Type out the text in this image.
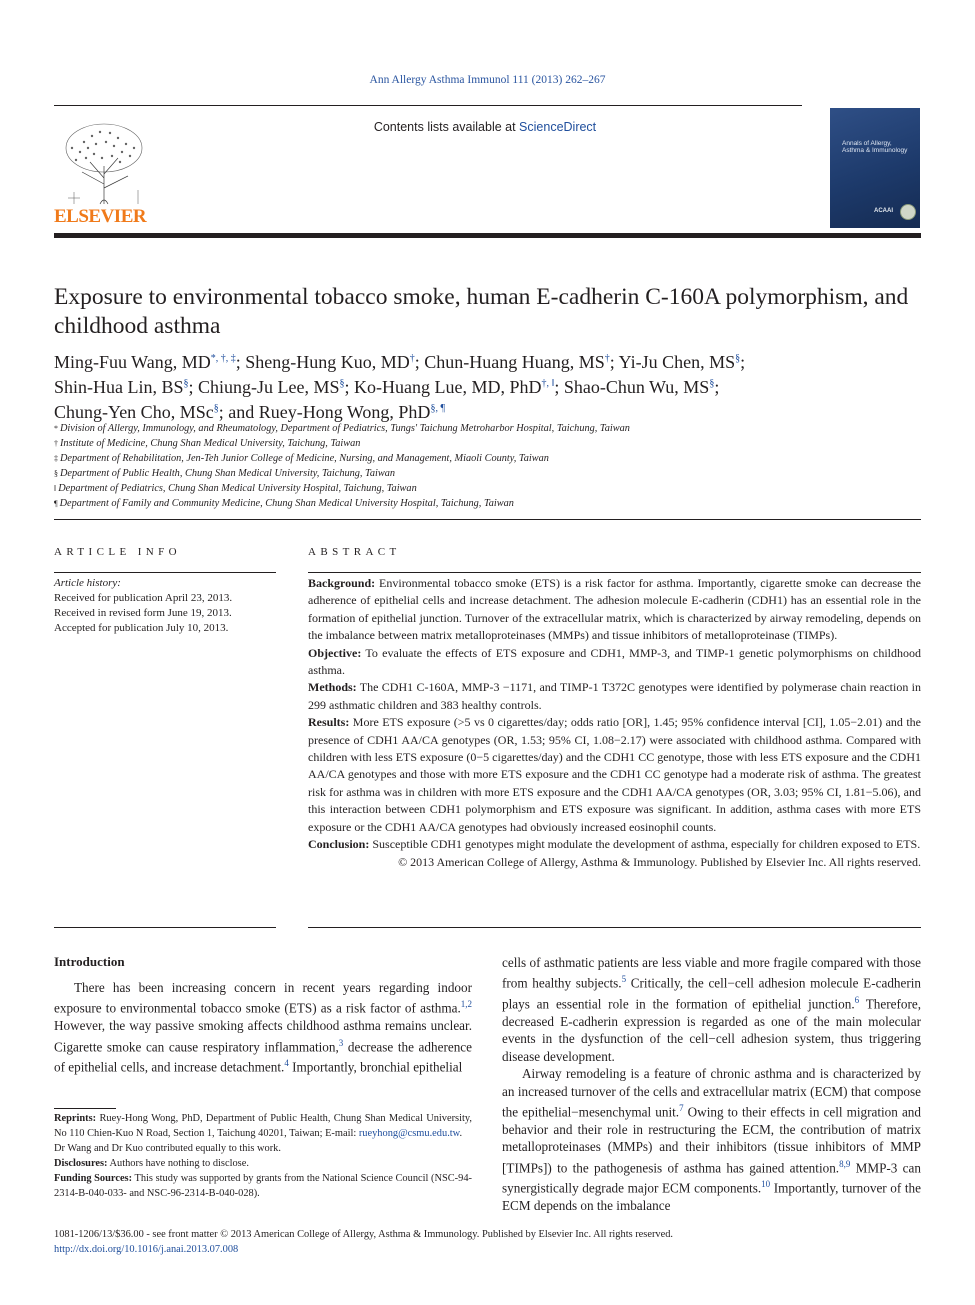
Ann Allergy Asthma Immunol 111 (2013) 262–267
ELSEVIER
Contents lists available at ScienceDirect
Annals of Allergy, Asthma & Immunology
ACAAI
Exposure to environmental tobacco smoke, human E-cadherin C-160A polymorphism, and childhood asthma
Ming-Fuu Wang, MD*, †, ‡; Sheng-Hung Kuo, MD†; Chun-Huang Huang, MS†; Yi-Ju Chen, MS§;
Shin-Hua Lin, BS§; Chiung-Ju Lee, MS§; Ko-Huang Lue, MD, PhD†, ‖; Shao-Chun Wu, MS§;
Chung-Yen Cho, MSc§; and Ruey-Hong Wong, PhD§, ¶
* Division of Allergy, Immunology, and Rheumatology, Department of Pediatrics, Tungs' Taichung Metroharbor Hospital, Taichung, Taiwan
† Institute of Medicine, Chung Shan Medical University, Taichung, Taiwan
‡ Department of Rehabilitation, Jen-Teh Junior College of Medicine, Nursing, and Management, Miaoli County, Taiwan
§ Department of Public Health, Chung Shan Medical University, Taichung, Taiwan
‖ Department of Pediatrics, Chung Shan Medical University Hospital, Taichung, Taiwan
¶ Department of Family and Community Medicine, Chung Shan Medical University Hospital, Taichung, Taiwan
ARTICLE INFO
Article history:
Received for publication April 23, 2013.
Received in revised form June 19, 2013.
Accepted for publication July 10, 2013.
ABSTRACT

Background: Environmental tobacco smoke (ETS) is a risk factor for asthma. Importantly, cigarette smoke can decrease the adherence of epithelial cells and increase detachment. The adhesion molecule E-cadherin (CDH1) has an essential role in the formation of epithelial junction. Turnover of the extracellular matrix, which is characterized by airway remodeling, depends on the imbalance between matrix metalloproteinases (MMPs) and tissue inhibitors of metalloproteinase (TIMPs).

Objective: To evaluate the effects of ETS exposure and CDH1, MMP-3, and TIMP-1 genetic polymorphisms on childhood asthma.

Methods: The CDH1 C-160A, MMP-3 −1171, and TIMP-1 T372C genotypes were identified by polymerase chain reaction in 299 asthmatic children and 383 healthy controls.

Results: More ETS exposure (>5 vs 0 cigarettes/day; odds ratio [OR], 1.45; 95% confidence interval [CI], 1.05−2.01) and the presence of CDH1 AA/CA genotypes (OR, 1.53; 95% CI, 1.08−2.17) were associated with childhood asthma. Compared with children with less ETS exposure (0−5 cigarettes/day) and the CDH1 CC genotype, those with less ETS exposure and the CDH1 AA/CA genotypes and those with more ETS exposure and the CDH1 CC genotype had a moderate risk of asthma. The greatest risk for asthma was in children with more ETS exposure and the CDH1 AA/CA genotypes (OR, 3.03; 95% CI, 1.81−5.06), and this interaction between CDH1 polymorphism and ETS exposure was significant. In addition, asthma cases with more ETS exposure or the CDH1 AA/CA genotypes had obviously increased eosinophil counts.

Conclusion: Susceptible CDH1 genotypes might modulate the development of asthma, especially for children exposed to ETS.

© 2013 American College of Allergy, Asthma & Immunology. Published by Elsevier Inc. All rights reserved.

Introduction

There has been increasing concern in recent years regarding indoor exposure to environmental tobacco smoke (ETS) as a risk factor of asthma.$^{1,2}$ However, the way passive smoking affects childhood asthma remains unclear. Cigarette smoke can cause respiratory inflammation,$^3$ decrease the adherence of epithelial cells, and increase detachment.$^4$ Importantly, bronchial epithelial

cells of asthmatic patients are less viable and more fragile compared with those from healthy subjects.$^5$ Critically, the cell−cell adhesion molecule E-cadherin plays an essential role in the formation of epithelial junction.$^6$ Therefore, decreased E-cadherin expression is regarded as one of the main molecular events in the dysfunction of the cell−cell adhesion system, thus triggering disease development.

Airway remodeling is a feature of chronic asthma and is characterized by an increased turnover of the cells and extracellular matrix (ECM) that compose the epithelial−mesenchymal unit.$^7$ Owing to their effects in cell migration and behavior and their role in restructuring the ECM, the contribution of matrix metalloproteinases (MMPs) and their inhibitors (tissue inhibitors of MMP [TIMPs]) to the pathogenesis of asthma has gained attention.$^{8,9}$ MMP-3 can synergistically degrade major ECM components.$^{10}$ Importantly, turnover of the ECM depends on the imbalance

Reprints: Ruey-Hong Wong, PhD, Department of Public Health, Chung Shan Medical University, No 110 Chien-Kuo N Road, Section 1, Taichung 40201, Taiwan; E-mail: rueyhong@csmu.edu.tw.

Dr Wang and Dr Kuo contributed equally to this work.

Disclosures: Authors have nothing to disclose.

Funding Sources: This study was supported by grants from the National Science Council (NSC-94-2314-B-040-033- and NSC-96-2314-B-040-028).

1081-1206/13/$36.00 - see front matter © 2013 American College of Allergy, Asthma & Immunology. Published by Elsevier Inc. All rights reserved.
http://dx.doi.org/10.1016/j.anai.2013.07.008
